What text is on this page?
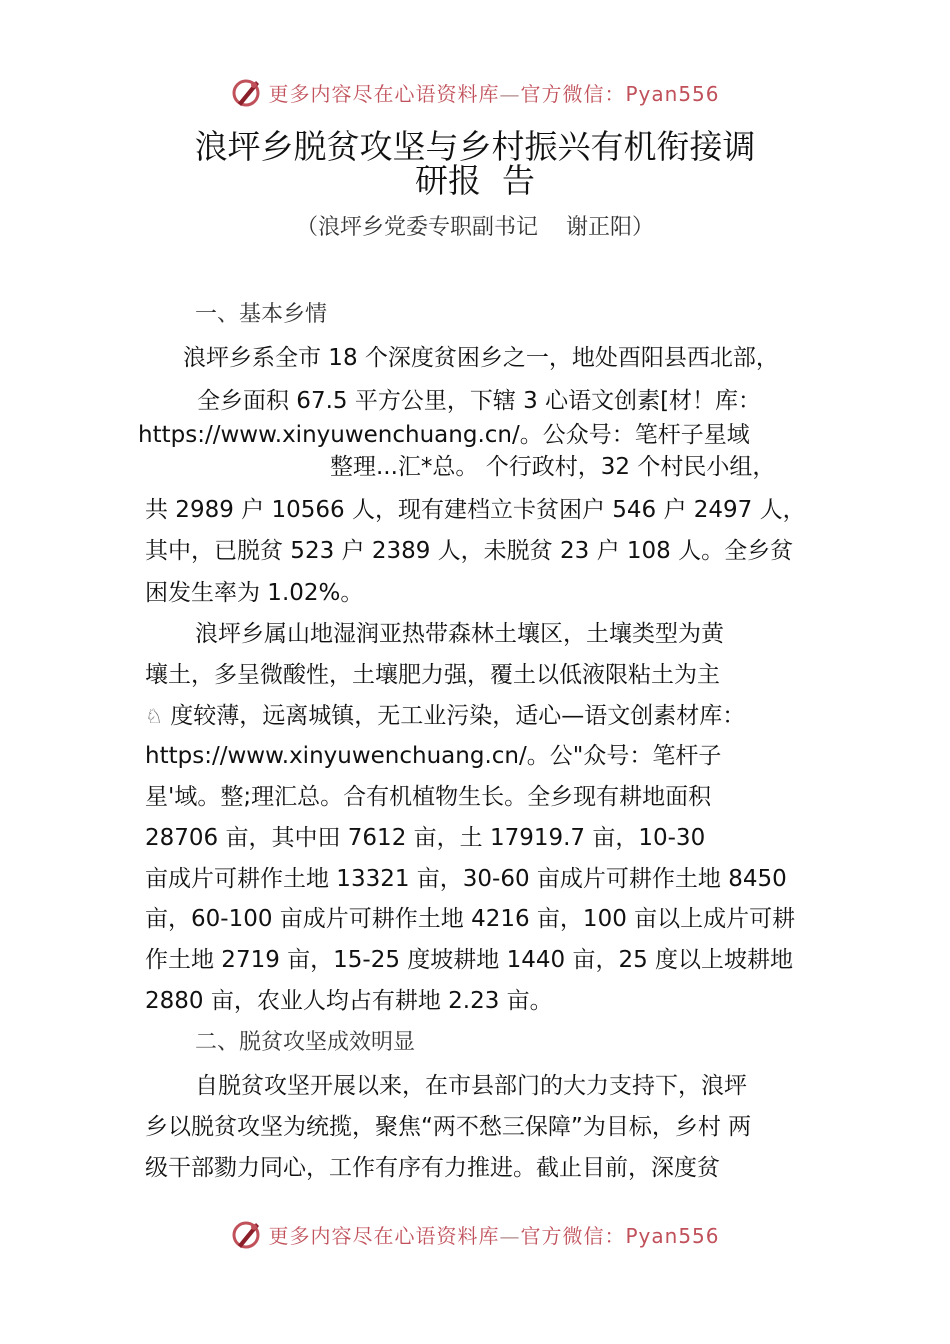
更多内容尽在心语资料库—官方微信：Pyan556
浪坪乡脱贫攻坚与乡村振兴有机衔接调
研报  告
（浪坪乡党委专职副书记    谢正阳）
一、基本乡情
浪坪乡系全市 18 个深度贫困乡之一，地处酉阳县西北部，
全乡面积 67.5 平方公里，下辖 3 心语文创素[材！库：
https://www.xinyuwenchuang.cn/。公众号：笔杆子星域
整理...汇*总。 个行政村，32 个村民小组，
共 2989 户 10566 人，现有建档立卡贫困户 546 户 2497 人，
其中，已脱贫 523 户 2389 人，未脱贫 23 户 108 人。全乡贫
困发生率为 1.02%。
浪坪乡属山地湿润亚热带森林土壤区，土壤类型为黄
壤土，多呈微酸性，土壤肥力强，覆土以低液限粘土为主
♘ 度较薄，远离城镇，无工业污染，适心—语文创素材库：
https://www.xinyuwenchuang.cn/。公"众号：笔杆子
星'域。整;理汇总。合有机植物生长。全乡现有耕地面积
28706 亩，其中田 7612 亩，土 17919.7 亩，10-30
亩成片可耕作土地 13321 亩，30-60 亩成片可耕作土地 8450
亩，60-100 亩成片可耕作土地 4216 亩，100 亩以上成片可耕
作土地 2719 亩，15-25 度坡耕地 1440 亩，25 度以上坡耕地
2880 亩，农业人均占有耕地 2.23 亩。
二、脱贫攻坚成效明显
自脱贫攻坚开展以来，在市县部门的大力支持下，浪坪
乡以脱贫攻坚为统揽，聚焦“两不愁三保障”为目标，乡村 两
级干部勠力同心，工作有序有力推进。截止目前，深度贫
更多内容尽在心语资料库—官方微信：Pyan556
